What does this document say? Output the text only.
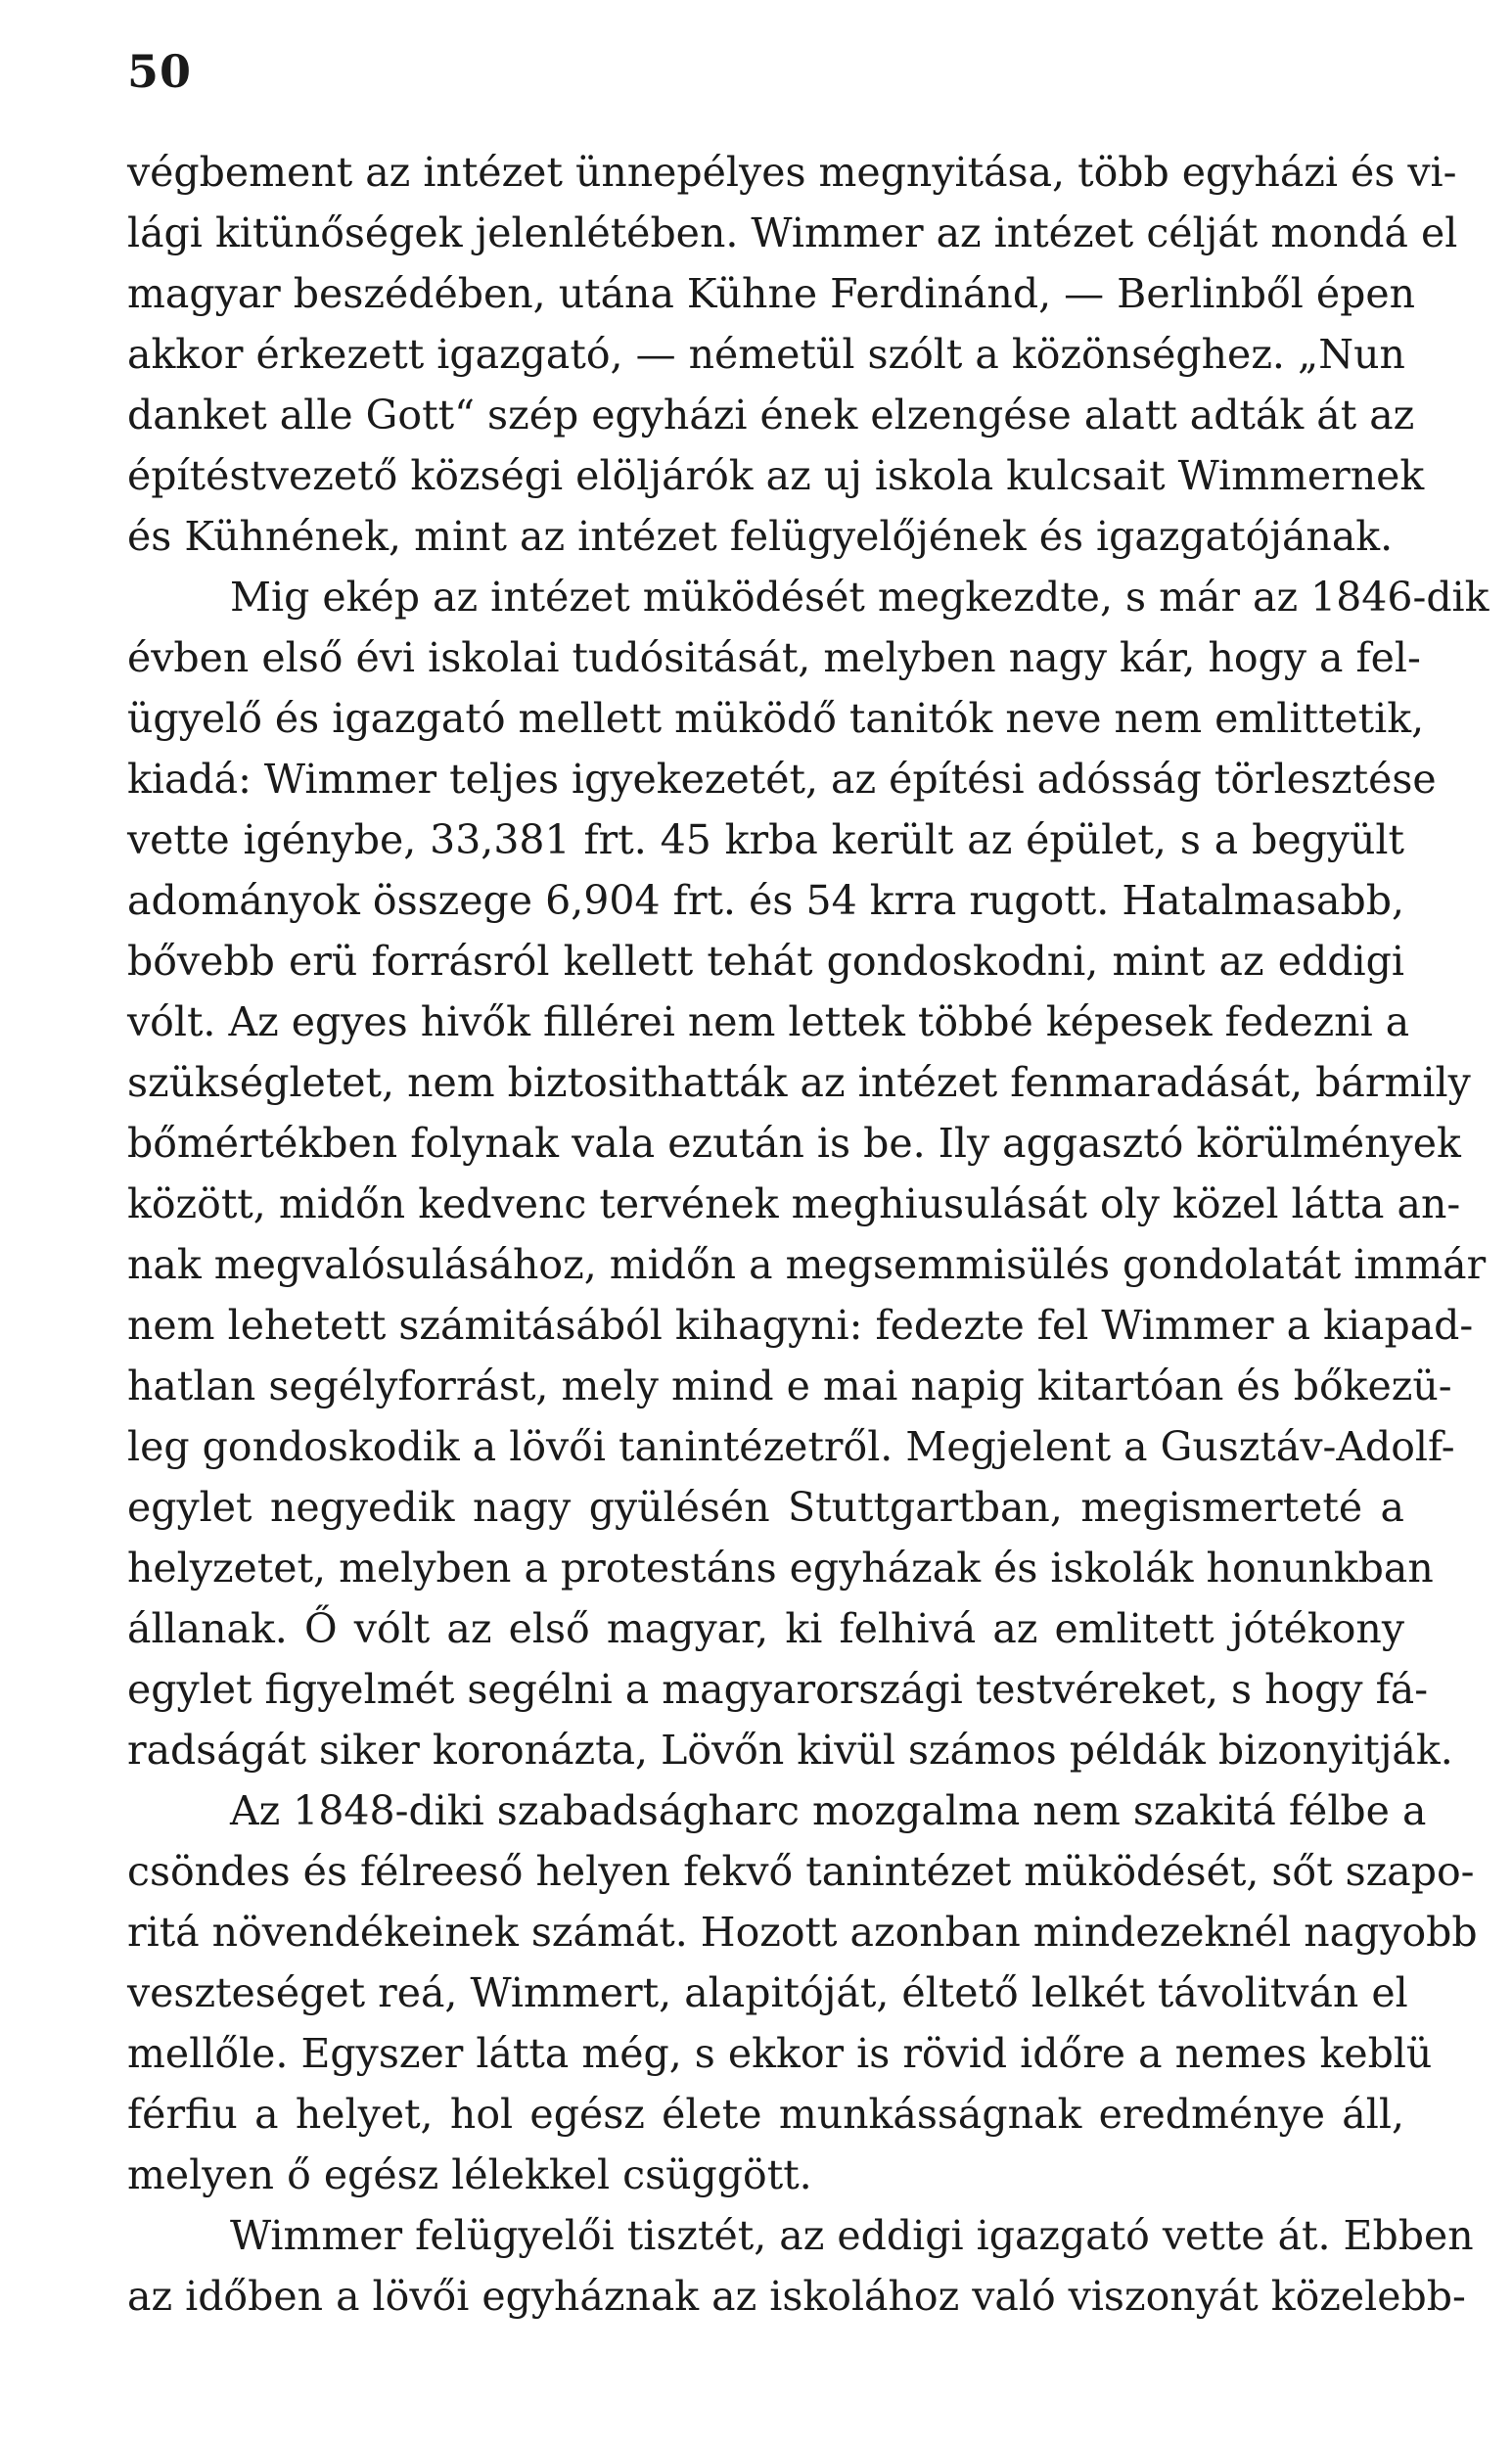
50
végbement az intézet ünnepélyes megnyitása, több egyházi és vi-
lági kitünőségek jelenlétében. Wimmer az intézet célját mondá el
magyar beszédében, utána Kühne Ferdinánd, — Berlinből épen
akkor érkezett igazgató, — németül szólt a közönséghez. „Nun
danket alle Gott“ szép egyházi ének elzengése alatt adták át az
építéstvezető községi elöljárók az uj iskola kulcsait Wimmernek
és Kühnének, mint az intézet felügyelőjének és igazgatójának.
Mig ekép az intézet müködését megkezdte, s már az 1846-dik
évben első évi iskolai tudósitását, melyben nagy kár, hogy a fel-
ügyelő és igazgató mellett müködő tanitók neve nem emlittetik,
kiadá: Wimmer teljes igyekezetét, az építési adósság törlesztése
vette igénybe, 33,381 frt. 45 krba került az épület, s a begyült
adományok összege 6,904 frt. és 54 krra rugott. Hatalmasabb,
bővebb erü forrásról kellett tehát gondoskodni, mint az eddigi
vólt. Az egyes hivők fillérei nem lettek többé képesek fedezni a
szükségletet, nem biztosithatták az intézet fenmaradását, bármily
bőmértékben folynak vala ezután is be. Ily aggasztó körülmények
között, midőn kedvenc tervének meghiusulását oly közel látta an-
nak megvalósulásához, midőn a megsemmisülés gondolatát immár
nem lehetett számitásából kihagyni: fedezte fel Wimmer a kiapad-
hatlan segélyforrást, mely mind e mai napig kitartóan és bőkezü-
leg gondoskodik a lövői tanintézetről. Megjelent a Gusztáv-Adolf-
egylet negyedik nagy gyülésén Stuttgartban, megismerteté a
helyzetet, melyben a protestáns egyházak és iskolák honunkban
állanak. Ő vólt az első magyar, ki felhivá az emlitett jótékony
egylet figyelmét segélni a magyarországi testvéreket, s hogy fá-
radságát siker koronázta, Lövőn kivül számos példák bizonyitják.
Az 1848-diki szabadságharc mozgalma nem szakitá félbe a
csöndes és félreeső helyen fekvő tanintézet müködését, sőt szapo-
ritá növendékeinek számát. Hozott azonban mindezeknél nagyobb
veszteséget reá, Wimmert, alapitóját, éltető lelkét távolitván el
mellőle. Egyszer látta még, s ekkor is rövid időre a nemes keblü
férfiu a helyet, hol egész élete munkásságnak eredménye áll,
melyen ő egész lélekkel csüggött.
Wimmer felügyelői tisztét, az eddigi igazgató vette át. Ebben
az időben a lövői egyháznak az iskolához való viszonyát közelebb-
